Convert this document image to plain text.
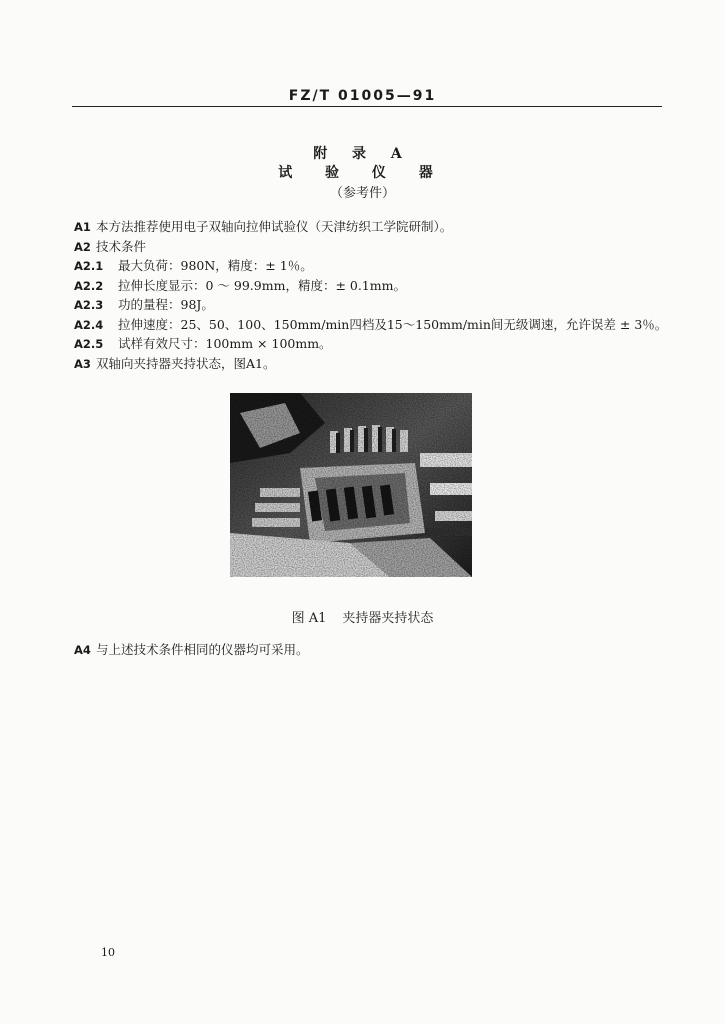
FZ/T 01005—91
附 录 A
试 验 仪 器
（参考件）
A1 本方法推荐使用电子双轴向拉伸试验仪（天津纺织工学院研制）。
A2 技术条件
A2.1 最大负荷：980N，精度：± 1％。
A2.2 拉伸长度显示：0 ～ 99.9mm，精度：± 0.1mm。
A2.3 功的量程：98J。
A2.4 拉伸速度：25、50、100、150mm/min四档及15～150mm/min间无级调速，允许误差 ± 3％。
A2.5 试样有效尺寸：100mm × 100mm。
A3 双轴向夹持器夹持状态，图A1。
图 A1 夹持器夹持状态
A4 与上述技术条件相同的仪器均可采用。
10
